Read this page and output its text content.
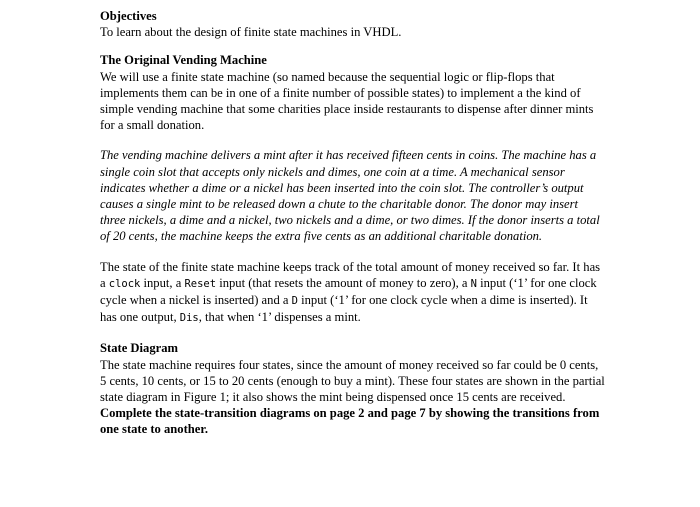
Objectives

To learn about the design of finite state machines in VHDL.

The Original Vending Machine

We will use a finite state machine (so named because the sequential logic or flip-flops that implements them can be in one of a finite number of possible states) to implement a the kind of simple vending machine that some charities place inside restaurants to dispense after dinner mints for a small donation.

The vending machine delivers a mint after it has received fifteen cents in coins. The machine has a single coin slot that accepts only nickels and dimes, one coin at a time. A mechanical sensor indicates whether a dime or a nickel has been inserted into the coin slot. The controller’s output causes a single mint to be released down a chute to the charitable donor. The donor may insert three nickels, a dime and a nickel, two nickels and a dime, or two dimes. If the donor inserts a total of 20 cents, the machine keeps the extra five cents as an additional charitable donation.

The state of the finite state machine keeps track of the total amount of money received so far. It has a clock input, a Reset input (that resets the amount of money to zero), a N input (‘1’ for one clock cycle when a nickel is inserted) and a D input (‘1’ for one clock cycle when a dime is inserted). It has one output, Dis, that when ‘1’ dispenses a mint.

State Diagram

The state machine requires four states, since the amount of money received so far could be 0 cents, 5 cents, 10 cents, or 15 to 20 cents (enough to buy a mint). These four states are shown in the partial state diagram in Figure 1; it also shows the mint being dispensed once 15 cents are received. Complete the state-transition diagrams on page 2 and page 7 by showing the transitions from one state to another.
